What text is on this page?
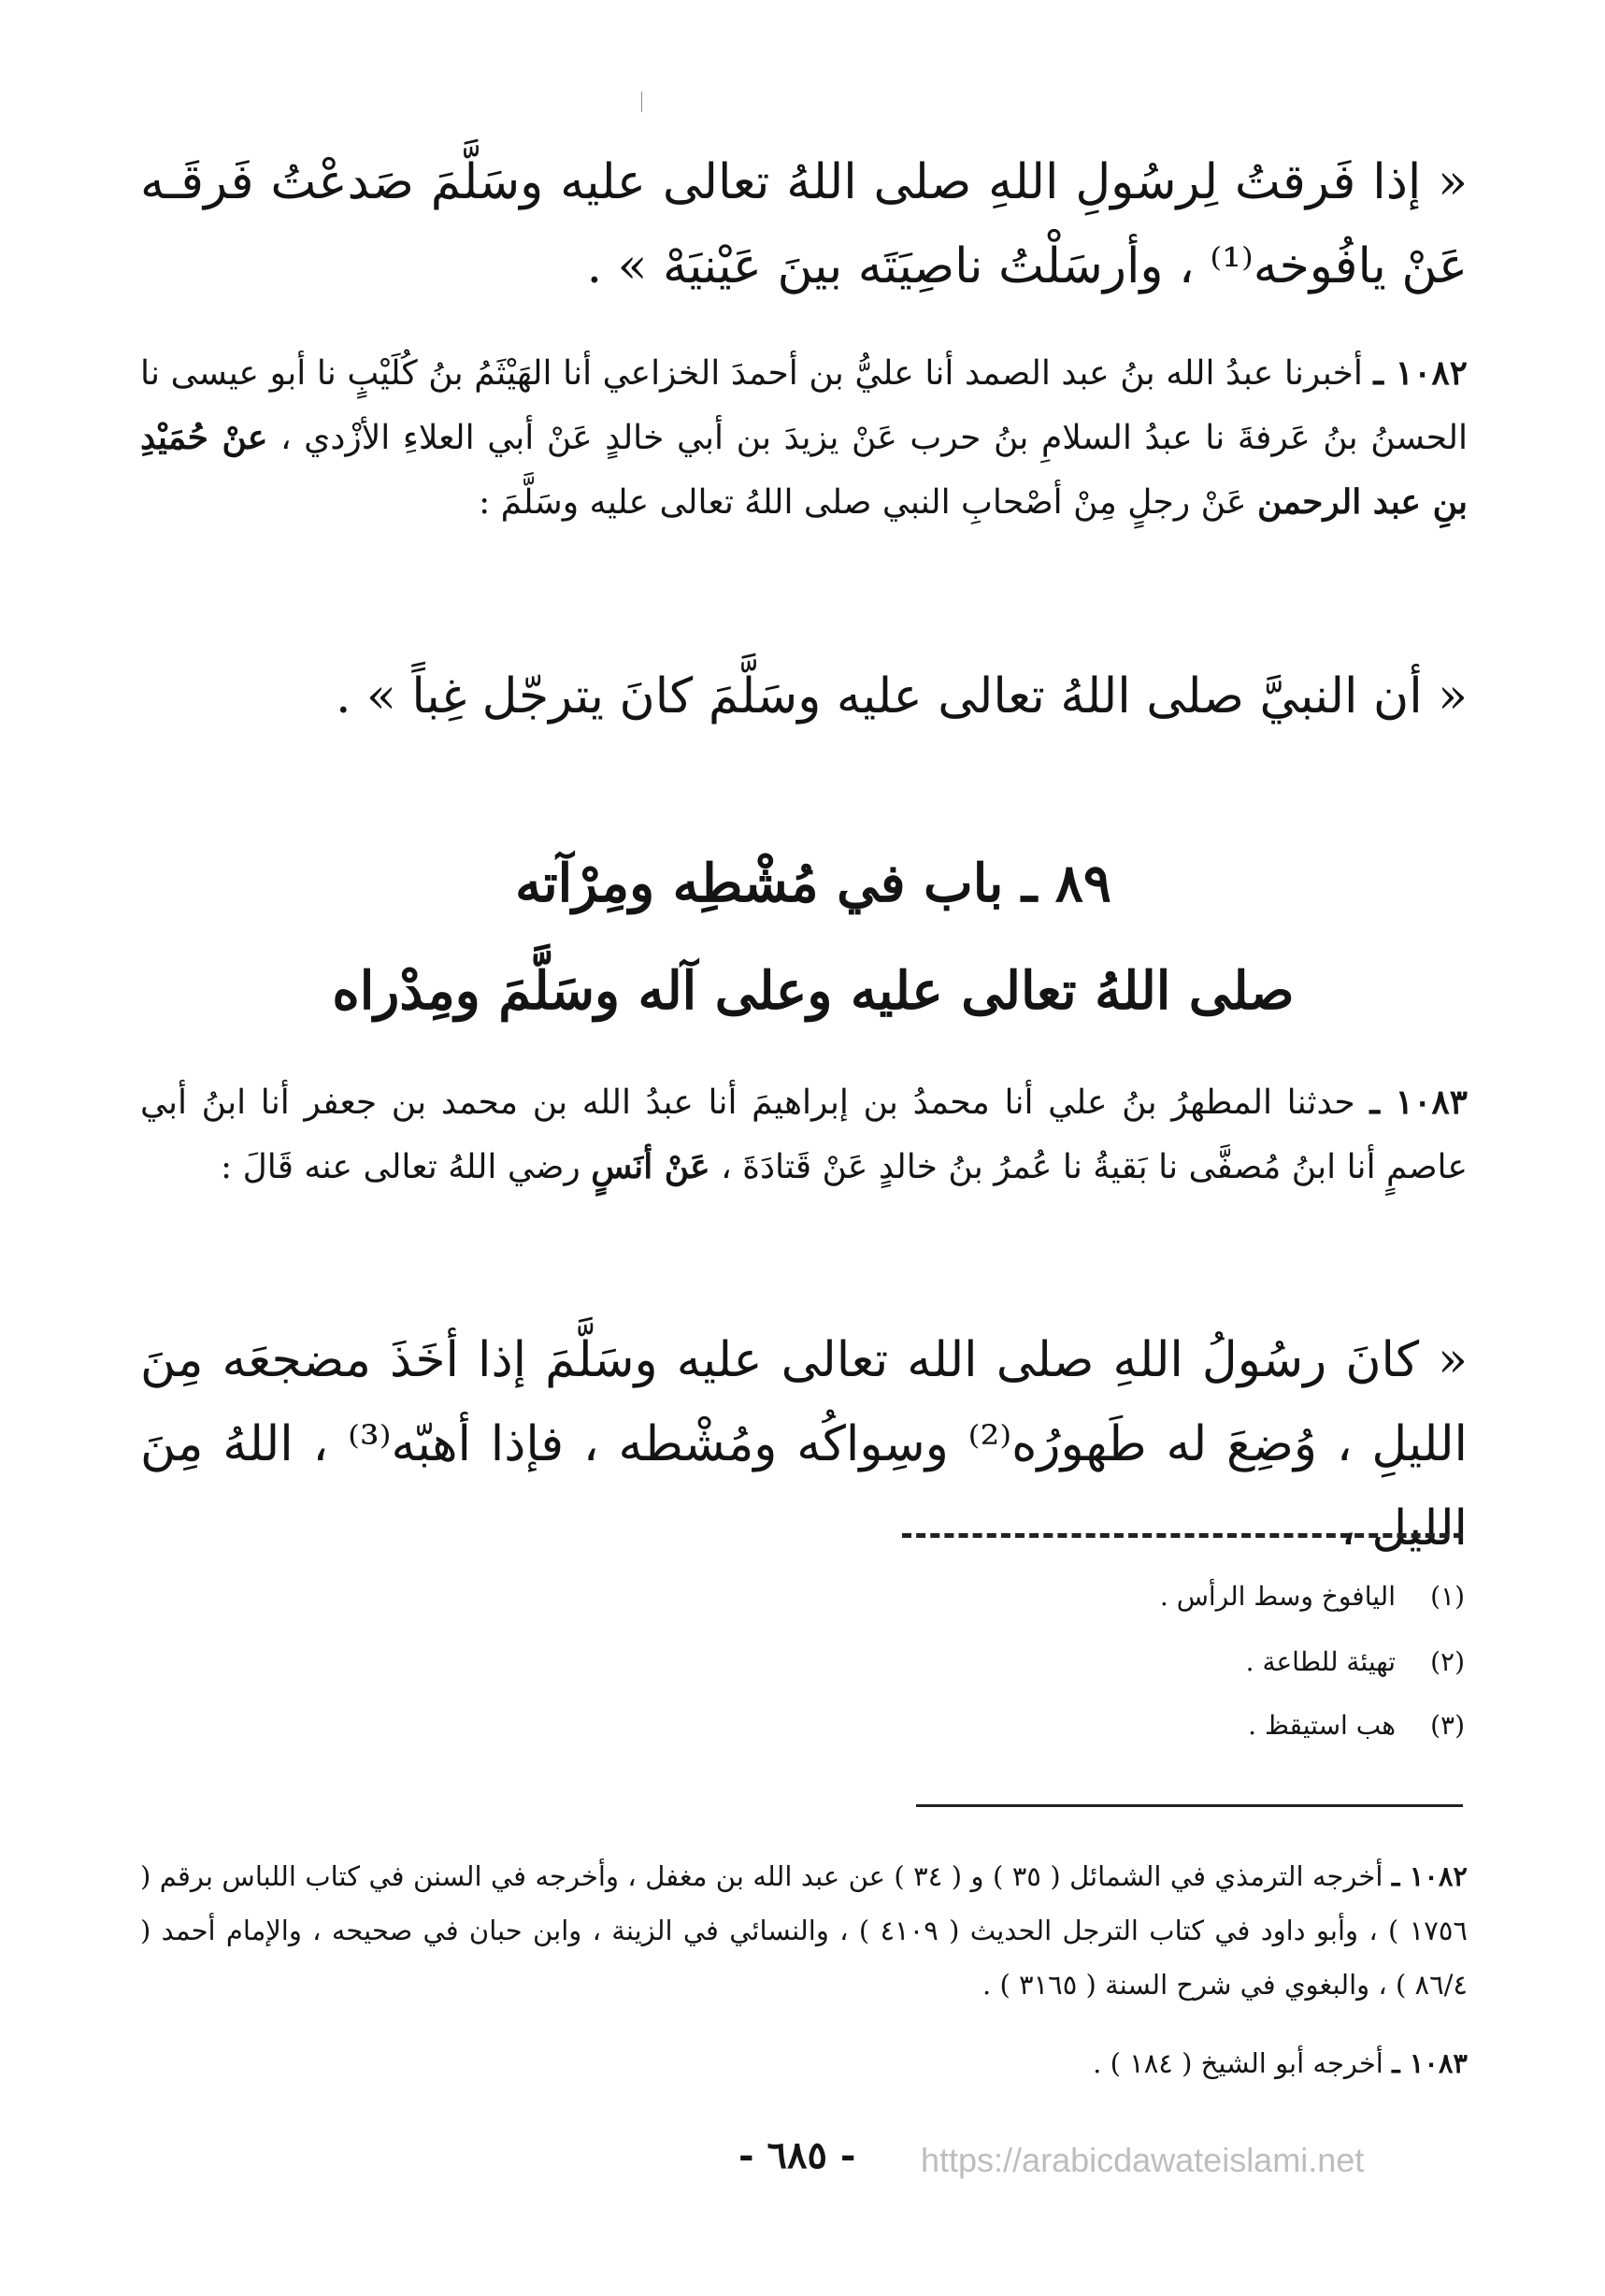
« إذا فَرقتُ لِرسُولِ اللهِ صلى اللهُ تعالى عليه وسَلَّمَ صَدعْتُ فَرقَـه عَنْ يافُوخه⁽¹⁾ ، وأرسَلْتُ ناصِيَتَه بينَ عَيْنيَهْ » .
١٠٨٢ ـ أخبرنا عبدُ الله بنُ عبد الصمد أنا عليُّ بن أحمدَ الخزاعي أنا الهَيْثَمُ بنُ كُلَيْبٍ نا أبو عيسى نا الحسنُ بنُ عَرفةَ نا عبدُ السلامِ بنُ حرب عَنْ يزيدَ بن أبي خالدٍ عَنْ أبي العلاءِ الأزْدي ، عنْ حُمَيْدِ بنِ عبد الرحمن عَنْ رجلٍ مِنْ أصْحابِ النبي صلى اللهُ تعالى عليه وسَلَّمَ :
« أن النبيَّ صلى اللهُ تعالى عليه وسَلَّمَ كانَ يترجّل غِباً » .
٨٩ ـ باب في مُشْطِه ومِرْآته
صلى اللهُ تعالى عليه وعلى آله وسَلَّمَ ومِدْراه
١٠٨٣ ـ حدثنا المطهرُ بنُ علي أنا محمدُ بن إبراهيمَ أنا عبدُ الله بن محمد بن جعفر أنا ابنُ أبي عاصمٍ أنا ابنُ مُصفَّى نا بَقيةُ نا عُمرُ بنُ خالدٍ عَنْ قَتادَةَ ، عَنْ أنَسٍ رضي اللهُ تعالى عنه قَالَ :
« كانَ رسُولُ اللهِ صلى الله تعالى عليه وسَلَّمَ إذا أخَذَ مضجعَه مِنَ الليلِ ، وُضِعَ له طَهورُه⁽²⁾ وسِواكُه ومُشْطه ، فإذا أهبّه⁽³⁾ ، اللهُ مِنَ الليل ،
(١)
اليافوخ وسط الرأس .
(٢)
تهيئة للطاعة .
(٣)
هب استيقظ .
١٠٨٢ ـ أخرجه الترمذي في الشمائل ( ٣٥ ) و ( ٣٤ ) عن عبد الله بن مغفل ، وأخرجه في السنن في كتاب اللباس برقم ( ١٧٥٦ ) ، وأبو داود في كتاب الترجل الحديث ( ٤١٠٩ ) ، والنسائي في الزينة ، وابن حبان في صحيحه ، والإمام أحمد ( ٨٦/٤ ) ، والبغوي في شرح السنة ( ٣١٦٥ ) .
١٠٨٣ ـ أخرجه أبو الشيخ ( ١٨٤ ) .
- ٦٨٥ - https://arabicdawateislami.net
